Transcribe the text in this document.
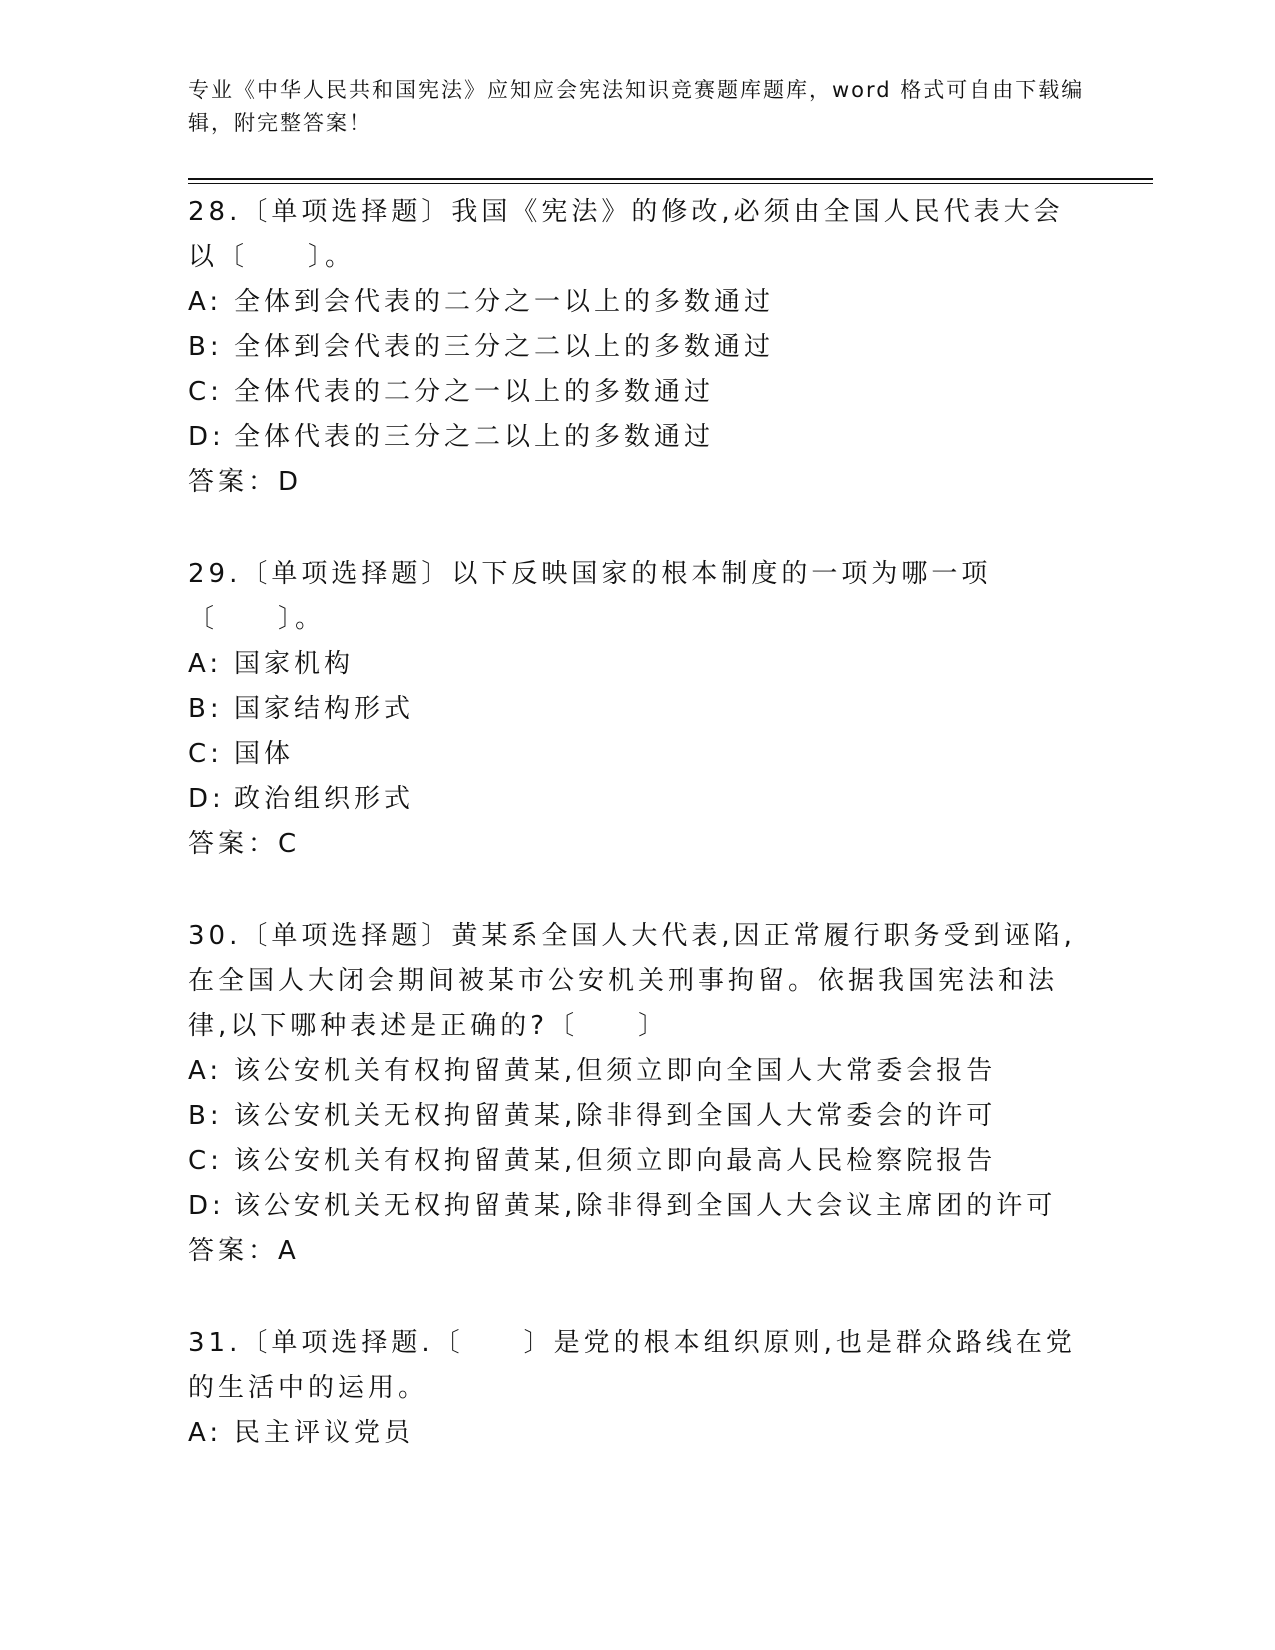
专业《中华人民共和国宪法》应知应会宪法知识竞赛题库题库，word 格式可自由下载编辑，附完整答案！
28.〔单项选择题〕我国《宪法》的修改,必须由全国人民代表大会以〔　　〕。
A: 全体到会代表的二分之一以上的多数通过
B: 全体到会代表的三分之二以上的多数通过
C: 全体代表的二分之一以上的多数通过
D: 全体代表的三分之二以上的多数通过
答案：D
29.〔单项选择题〕以下反映国家的根本制度的一项为哪一项〔　　〕。
A: 国家机构
B: 国家结构形式
C: 国体
D: 政治组织形式
答案：C
30.〔单项选择题〕黄某系全国人大代表,因正常履行职务受到诬陷,在全国人大闭会期间被某市公安机关刑事拘留。依据我国宪法和法律,以下哪种表述是正确的?〔　　〕
A: 该公安机关有权拘留黄某,但须立即向全国人大常委会报告
B: 该公安机关无权拘留黄某,除非得到全国人大常委会的许可
C: 该公安机关有权拘留黄某,但须立即向最高人民检察院报告
D: 该公安机关无权拘留黄某,除非得到全国人大会议主席团的许可
答案：A
31.〔单项选择题.〔　　〕是党的根本组织原则,也是群众路线在党的生活中的运用。
A: 民主评议党员
